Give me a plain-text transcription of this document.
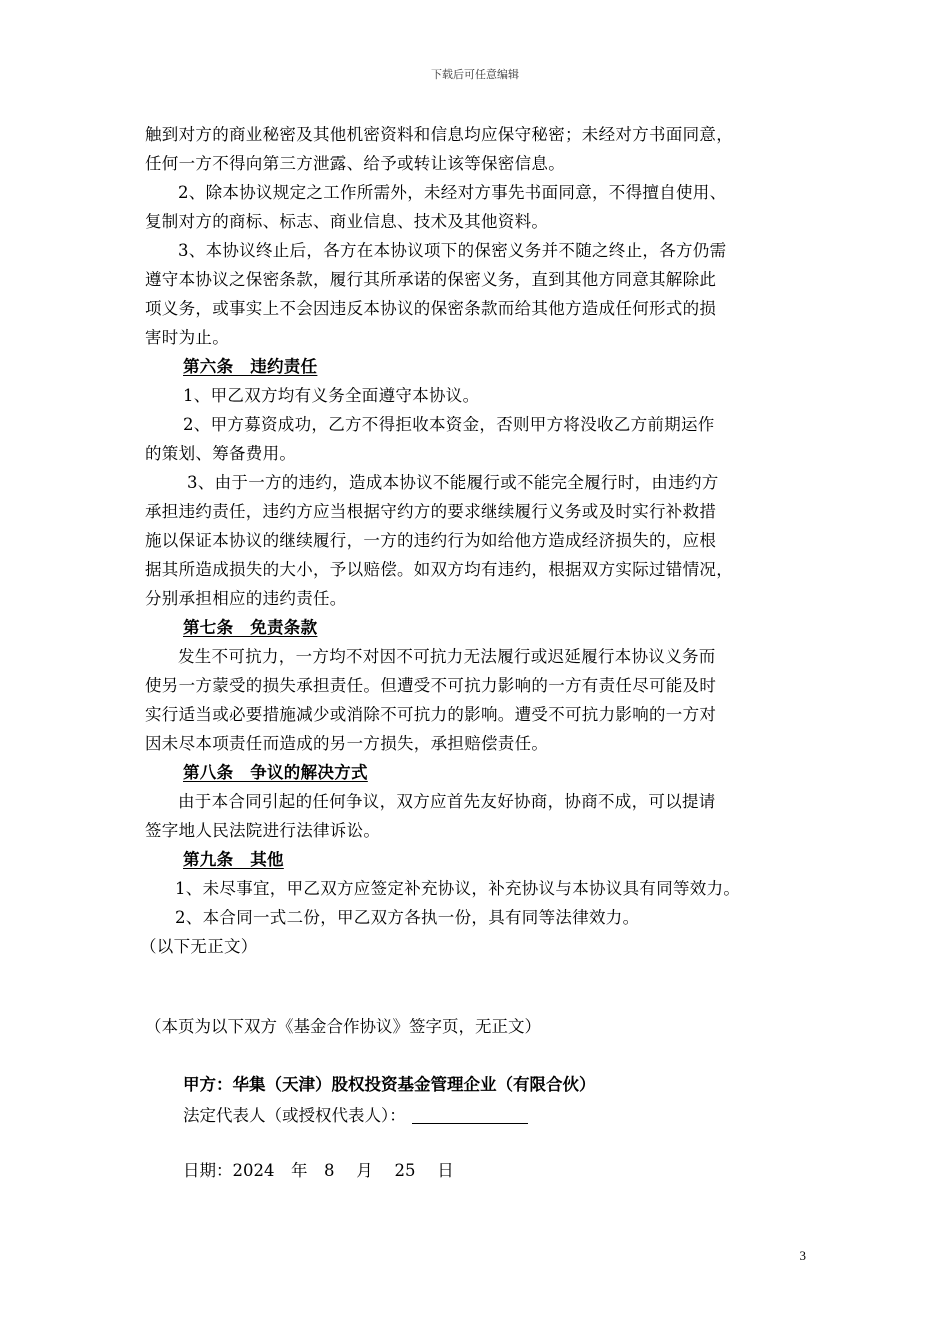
下载后可任意编辑
触到对方的商业秘密及其他机密资料和信息均应保守秘密；未经对方书面同意，
任何一方不得向第三方泄露、给予或转让该等保密信息。
2、除本协议规定之工作所需外，未经对方事先书面同意，不得擅自使用、
复制对方的商标、标志、商业信息、技术及其他资料。
3、本协议终止后，各方在本协议项下的保密义务并不随之终止，各方仍需
遵守本协议之保密条款，履行其所承诺的保密义务，直到其他方同意其解除此
项义务，或事实上不会因违反本协议的保密条款而给其他方造成任何形式的损
害时为止。
第六条　违约责任
1、甲乙双方均有义务全面遵守本协议。
2、甲方募资成功，乙方不得拒收本资金，否则甲方将没收乙方前期运作
的策划、筹备费用。
3、由于一方的违约，造成本协议不能履行或不能完全履行时，由违约方
承担违约责任，违约方应当根据守约方的要求继续履行义务或及时实行补救措
施以保证本协议的继续履行，一方的违约行为如给他方造成经济损失的，应根
据其所造成损失的大小，予以赔偿。如双方均有违约，根据双方实际过错情况，
分别承担相应的违约责任。
第七条　免责条款
发生不可抗力，一方均不对因不可抗力无法履行或迟延履行本协议义务而
使另一方蒙受的损失承担责任。但遭受不可抗力影响的一方有责任尽可能及时
实行适当或必要措施减少或消除不可抗力的影响。遭受不可抗力影响的一方对
因未尽本项责任而造成的另一方损失，承担赔偿责任。
第八条　争议的解决方式
由于本合同引起的任何争议，双方应首先友好协商，协商不成，可以提请
签字地人民法院进行法律诉讼。
第九条　其他
1、未尽事宜，甲乙双方应签定补充协议，补充协议与本协议具有同等效力。
2、本合同一式二份，甲乙双方各执一份，具有同等法律效力。
（以下无正文）
（本页为以下双方《基金合作协议》签字页，无正文）
甲方：华集（天津）股权投资基金管理企业（有限合伙）
法定代表人（或授权代表人）：
日期：2024　年　8　 月　 25　 日
3
